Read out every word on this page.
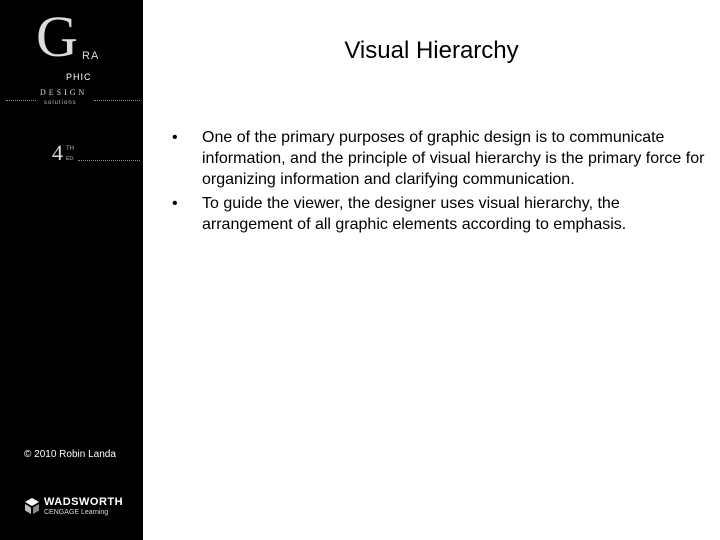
G RA
PHIC
DESIGN
solutions
4 TH
ED.
© 2010 Robin Landa
WADSWORTH
CENGAGE Learning
Visual Hierarchy
• One of the primary purposes of graphic design is to communicate information, and the principle of visual hierarchy is the primary force for organizing information and clarifying communication.
• To guide the viewer, the designer uses visual hierarchy, the arrangement of all graphic elements according to emphasis.
